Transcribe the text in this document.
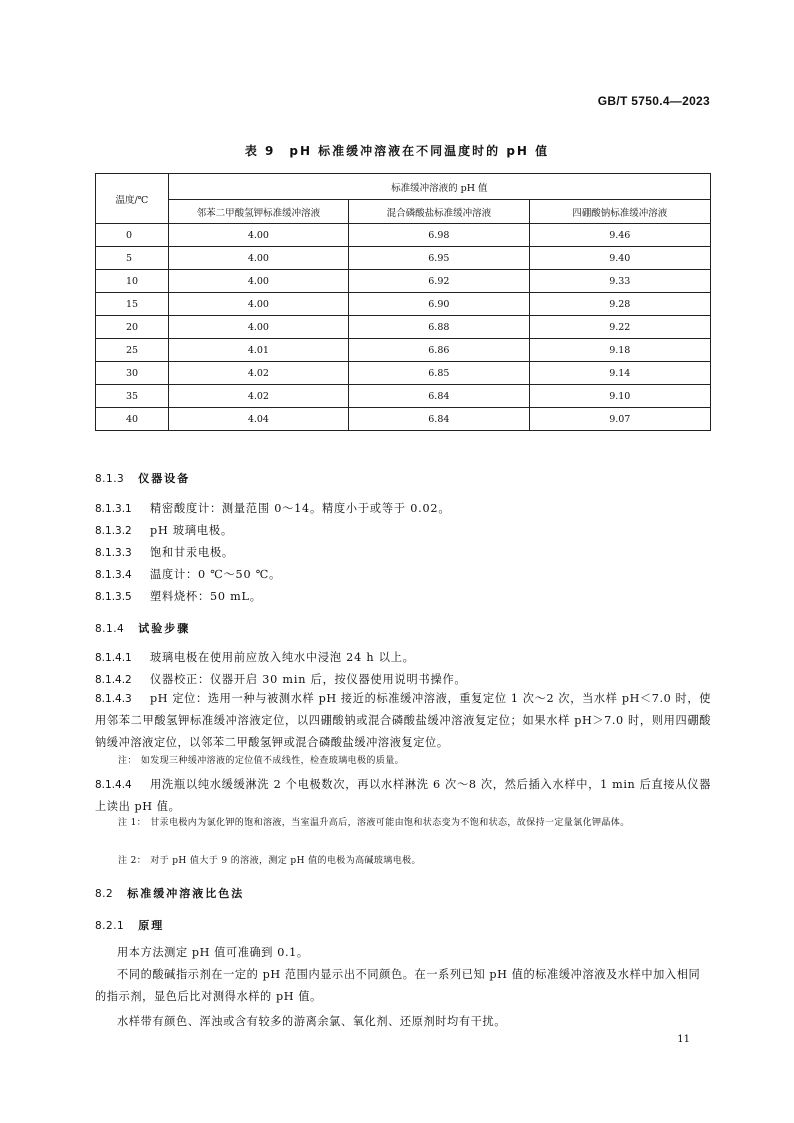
GB/T 5750.4—2023
表 9　pH 标准缓冲溶液在不同温度时的 pH 值
温度/℃	标准缓冲溶液的 pH 值		
	邻苯二甲酸氢钾标准缓冲溶液	混合磷酸盐标准缓冲溶液	四硼酸钠标准缓冲溶液
0	4.00	6.98	9.46
5	4.00	6.95	9.40
10	4.00	6.92	9.33
15	4.00	6.90	9.28
20	4.00	6.88	9.22
25	4.01	6.86	9.18
30	4.02	6.85	9.14
35	4.02	6.84	9.10
40	4.04	6.84	9.07
8.1.3 仪器设备
8.1.3.1 精密酸度计：测量范围 0～14。精度小于或等于 0.02。
8.1.3.2 pH 玻璃电极。
8.1.3.3 饱和甘汞电极。
8.1.3.4 温度计：0 ℃～50 ℃。
8.1.3.5 塑料烧杯：50 mL。
8.1.4 试验步骤
8.1.4.1 玻璃电极在使用前应放入纯水中浸泡 24 h 以上。
8.1.4.2 仪器校正：仪器开启 30 min 后，按仪器使用说明书操作。
8.1.4.3 pH 定位：选用一种与被测水样 pH 接近的标准缓冲溶液，重复定位 1 次～2 次，当水样 pH＜7.0 时，使用邻苯二甲酸氢钾标准缓冲溶液定位，以四硼酸钠或混合磷酸盐缓冲溶液复定位；如果水样 pH＞7.0 时，则用四硼酸钠缓冲溶液定位，以邻苯二甲酸氢钾或混合磷酸盐缓冲溶液复定位。
注： 如发现三种缓冲溶液的定位值不成线性，检查玻璃电极的质量。
8.1.4.4 用洗瓶以纯水缓缓淋洗 2 个电极数次，再以水样淋洗 6 次～8 次，然后插入水样中，1 min 后直接从仪器上读出 pH 值。
注 1： 甘汞电极内为氯化钾的饱和溶液，当室温升高后，溶液可能由饱和状态变为不饱和状态，故保持一定量氯化钾晶体。
注 2： 对于 pH 值大于 9 的溶液，测定 pH 值的电极为高碱玻璃电极。
8.2 标准缓冲溶液比色法
8.2.1 原理
用本方法测定 pH 值可准确到 0.1。
不同的酸碱指示剂在一定的 pH 范围内显示出不同颜色。在一系列已知 pH 值的标准缓冲溶液及水样中加入相同的指示剂，显色后比对测得水样的 pH 值。
水样带有颜色、浑浊或含有较多的游离余氯、氧化剂、还原剂时均有干扰。
11
